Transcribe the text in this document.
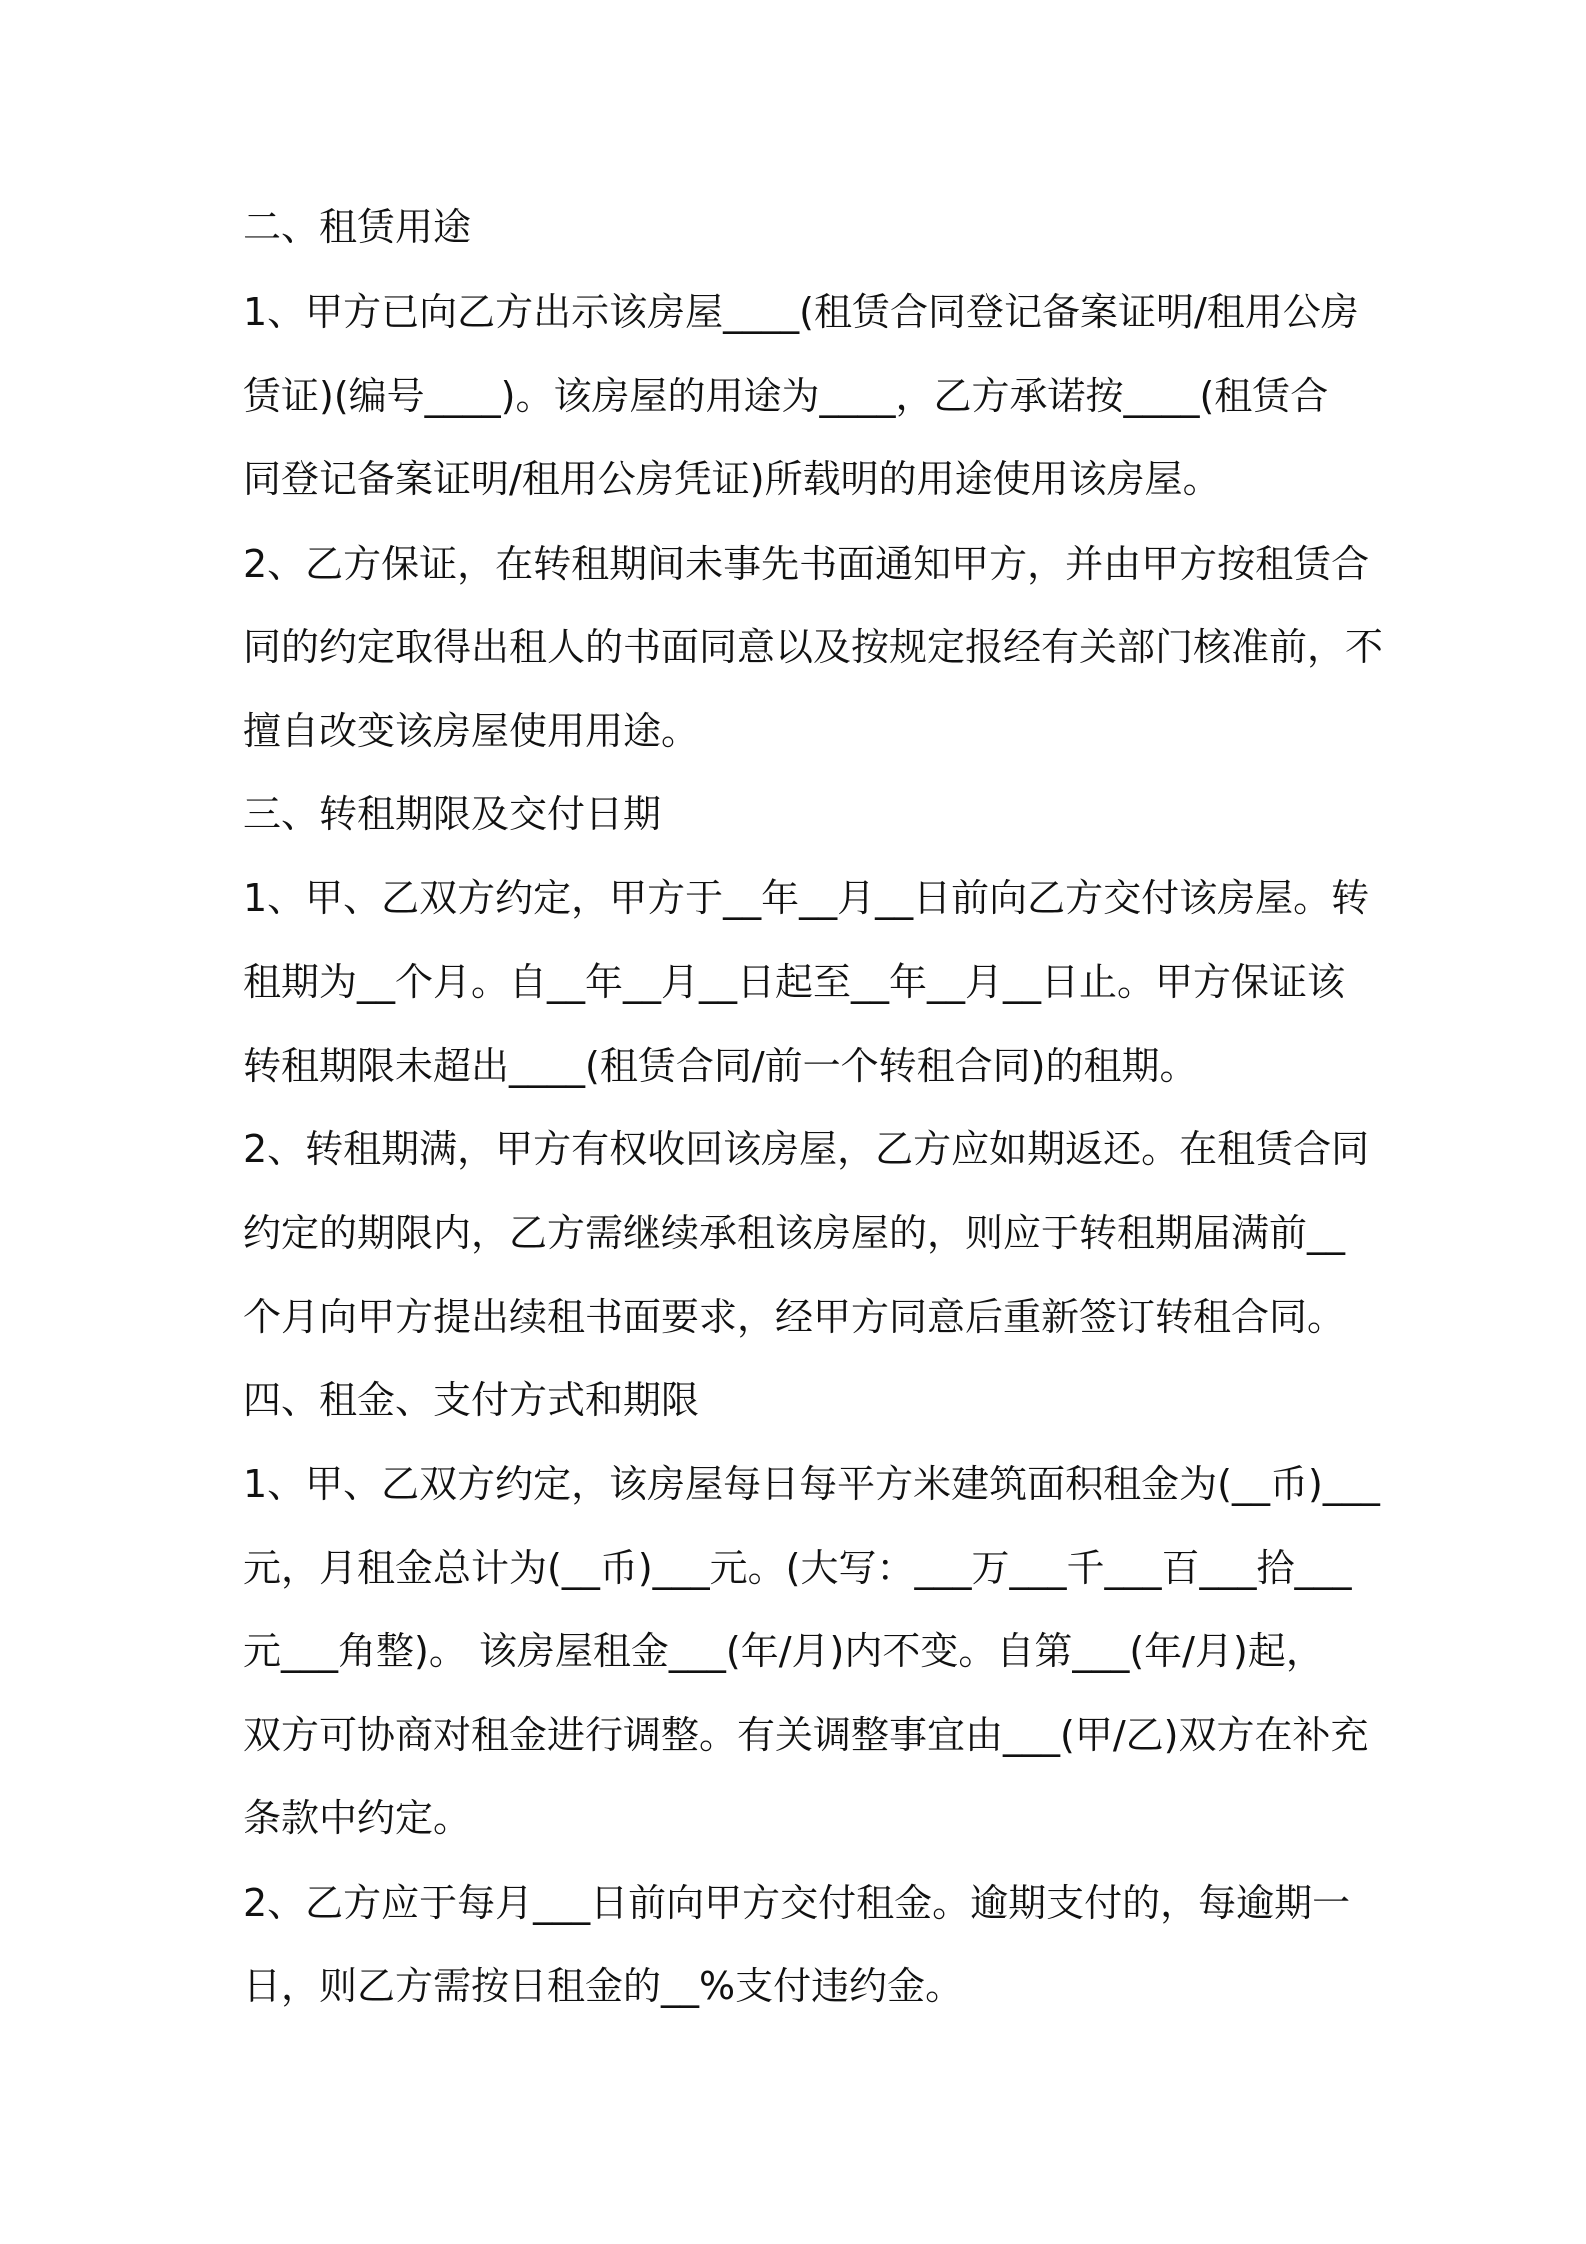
二、租赁用途
1、甲方已向乙方出示该房屋____(租赁合同登记备案证明/租用公房
赁证)(编号____)。该房屋的用途为____，乙方承诺按____(租赁合
同登记备案证明/租用公房凭证)所载明的用途使用该房屋。
2、乙方保证，在转租期间未事先书面通知甲方，并由甲方按租赁合
同的约定取得出租人的书面同意以及按规定报经有关部门核准前，不
擅自改变该房屋使用用途。
三、转租期限及交付日期
1、甲、乙双方约定，甲方于__年__月__日前向乙方交付该房屋。转
租期为__个月。自__年__月__日起至__年__月__日止。甲方保证该
转租期限未超出____(租赁合同/前一个转租合同)的租期。
2、转租期满，甲方有权收回该房屋，乙方应如期返还。在租赁合同
约定的期限内，乙方需继续承租该房屋的，则应于转租期届满前__
个月向甲方提出续租书面要求，经甲方同意后重新签订转租合同。
四、租金、支付方式和期限
1、甲、乙双方约定，该房屋每日每平方米建筑面积租金为(__币)___
元，月租金总计为(__币)___元。(大写：___万___千___百___拾___
元___角整)。 该房屋租金___(年/月)内不变。自第___(年/月)起，
双方可协商对租金进行调整。有关调整事宜由___(甲/乙)双方在补充
条款中约定。
2、乙方应于每月___日前向甲方交付租金。逾期支付的，每逾期一
日，则乙方需按日租金的__%支付违约金。
